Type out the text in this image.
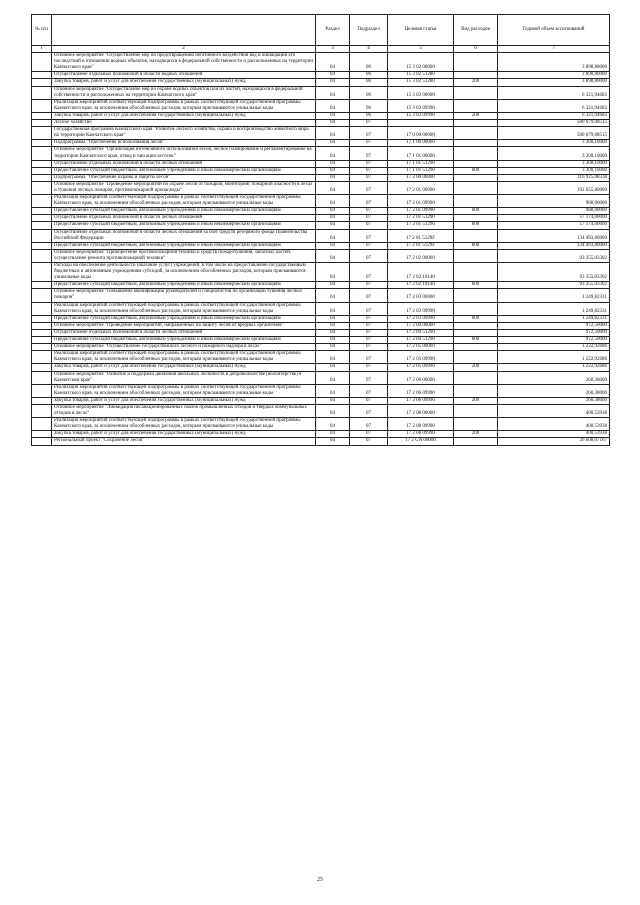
№ п/п		Раздел	Подраздел	Целевая статья	Вид расходов	Годовой объем ассигнований
1	2	3	4	5	6	7
	Основное мероприятие "Осуществление мер по предотвращению негативного воздействия вод и ликвидации его последствий в отношении водных объектов, находящихся в федеральной собственности и расположенных на территории Камчатского края"	04	06	15 3 02 00000		3 898,80000
	Осуществление отдельных полномочий в области водных отношений	04	06	15 3 02 51280		3 898,80000
	Закупка товаров, работ и услуг для обеспечения государственных (муниципальных) нужд	04	06	15 3 02 51280	200	3 898,80000
	Основное мероприятие "Осуществление мер по охране водных объектов или их частей, находящихся в федеральной собственности и расположенных на территории Камчатского края"	04	06	15 3 03 00000		6 321,94683
	Реализация мероприятий соответствующей подпрограммы в рамках соответствующей государственной программы Камчатского края, за исключением обособленных расходов, которым присваиваются уникальные коды	04	06	15 3 03 09990		6 321,94683
	Закупка товаров, работ и услуг для обеспечения государственных (муниципальных) нужд	04	06	15 3 03 09990	200	6 321,94683
	Лесное хозяйство	04	07			500 679,08515
	Государственная программа Камчатского края "Развитие лесного хозяйства, охрана и воспроизводство животного мира на территории Камчатского края"	04	07	17 0 00 00000		500 679,08515
	Подпрограмма "Обеспечение использования лесов"	04	07	17 1 00 00000		3 300,10000
	Основное мероприятие "Организация интенсивного использования лесов, лесное планирование и регламентирование на территории Камчатского края, отвод и таксация лесосек"	04	07	17 1 01 00000		3 300,10000
	Осуществление отдельных полномочий в области лесных отношений	04	07	17 1 01 51290		3 300,10000
	Предоставление субсидий бюджетным, автономным учреждениям и иным некоммерческим организациям	04	07	17 1 01 51290	600	3 300,10000
	Подпрограмма "Обеспечение охраны и защиты лесов"	04	07	17 2 00 00000		316 925,08338
	Основное мероприятие "Проведение мероприятий по охране лесов от пожаров, мониторинг пожарной опасности в лесах и тушения лесных пожаров, противопожарной пропаганды"	04	07	17 2 01 00000		192 655,80000
	Реализация мероприятий соответствующей подпрограммы в рамках соответствующей государственной программы Камчатского края, за исключением обособленных расходов, которым присваиваются уникальные коды	04	07	17 2 01 09990		988,00000
	Предоставление субсидий бюджетным, автономным учреждениям и иным некоммерческим организациям	04	07	17 2 01 09990	600	988,00000
	Осуществление отдельных полномочий в области лесных отношений	04	07	17 2 01 51290		57 174,00000
	Предоставление субсидий бюджетным, автономным учреждениям и иным некоммерческим организациям	04	07	17 2 01 51290	600	57 174,00000
	Осуществление отдельных полномочий в области лесных отношений за счет средств резервного фонда Правительства Российской Федерации	04	07	17 2 01 5129F		134 493,80000
	Предоставление субсидий бюджетным, автономным учреждениям и иным некоммерческим организациям	04	07	17 2 01 5129F	600	134 493,80000
	Основное мероприятие "Приобретение противопожарной техники и средств пожаротушения, запасных частей, осуществление ремонта противопожарной техники"	04	07	17 2 02 00000		93 355,03302
	Расходы на обеспечение деятельности (оказание услуг) учреждений, в том числе на предоставление государственным бюджетным и автономным учреждениям субсидий, за исключением обособленных расходов, которым присваиваются уникальные коды	04	07	17 2 02 10140		93 355,03302
	Предоставление субсидий бюджетным, автономным учреждениям и иным некоммерческим организациям	04	07	17 2 02 10140	600	93 355,03302
	Основное мероприятие "Повышение квалификации руководителей и специалистов по организации тушения лесных пожаров"	04	07	17 2 03 00000		1 249,82331
	Реализация мероприятий соответствующей подпрограммы в рамках соответствующей государственной программы Камчатского края, за исключением обособленных расходов, которым присваиваются уникальные коды	04	07	17 2 03 09990		1 249,82331
	Предоставление субсидий бюджетным, автономным учреждениям и иным некоммерческим организациям	04	07	17 2 03 09990	600	1 249,82331
	Основное мероприятие "Проведение мероприятий, направленных на защиту лесов от вредных организмов"	04	07	17 2 04 00000		972,50000
	Осуществление отдельных полномочий в области лесных отношений	04	07	17 2 04 51290		972,50000
	Предоставление субсидий бюджетным, автономным учреждениям и иным некоммерческим организациям	04	07	17 2 04 51290	600	972,50000
	Основное мероприятие "Осуществление государственного лесного и пожарного надзора в лесах"	04	07	17 2 05 00000		1 222,92686
	Реализация мероприятий соответствующей подпрограммы в рамках соответствующей государственной программы Камчатского края, за исключением обособленных расходов, которым присваиваются уникальные коды	04	07	17 2 05 09990		1 222,92686
	Закупка товаров, работ и услуг для обеспечения государственных (муниципальных) нужд	04	07	17 2 05 09990	200	1 222,92686
	Основное мероприятие "Развитие и поддержка движения школьных лесничеств в добровольчестве (волонтерстве) в Камчатском крае"	04	07	17 2 06 00000		260,38000
	Реализация мероприятий соответствующей подпрограммы в рамках соответствующей государственной программы Камчатского края, за исключением обособленных расходов, которым присваиваются уникальные коды	04	07	17 2 06 09990		260,38000
	Закупка товаров, работ и услуг для обеспечения государственных (муниципальных) нужд	04	07	17 2 06 09990	200	260,38000
	Основное мероприятие "Ликвидация несанкционированных свалок промышленных отходов и твердых коммунальных отходов в лесах"	04	07	17 2 08 00000		400,53938
	Реализация мероприятий соответствующей подпрограммы в рамках соответствующей государственной программы Камчатского края, за исключением обособленных расходов, которым присваиваются уникальные коды	04	07	17 2 08 09990		400,53938
	Закупка товаров, работ и услуг для обеспечения государственных (муниципальных) нужд	04	07	17 2 08 09990	200	400,53938
	Региональный проект "Сохранение лесов"	04	07	17 2 GA 00000		26 608,07167
25
